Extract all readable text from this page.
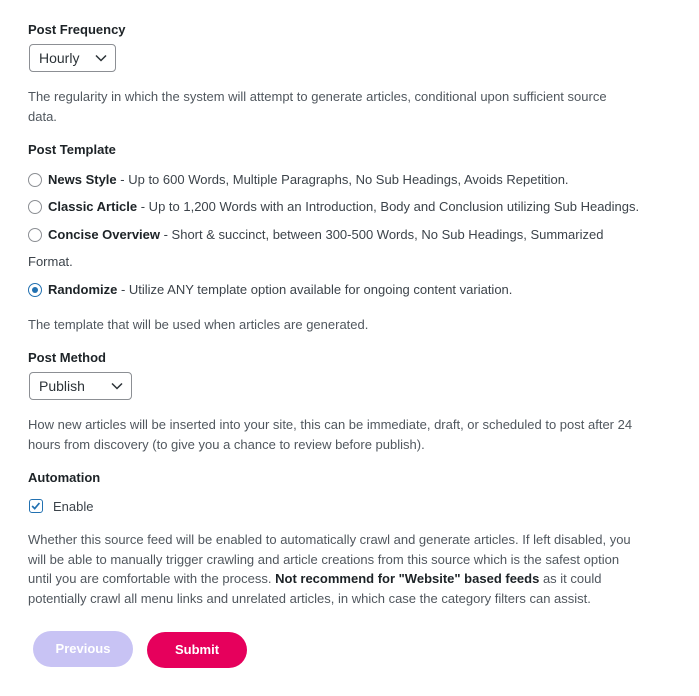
Post Frequency
Hourly
The regularity in which the system will attempt to generate articles, conditional upon sufficient source
data.
Post Template
News Style - Up to 600 Words, Multiple Paragraphs, No Sub Headings, Avoids Repetition.
Classic Article - Up to 1,200 Words with an Introduction, Body and Conclusion utilizing Sub Headings.
Concise Overview - Short & succinct, between 300-500 Words, No Sub Headings, Summarized
Format.
Randomize - Utilize ANY template option available for ongoing content variation.
The template that will be used when articles are generated.
Post Method
Publish
How new articles will be inserted into your site, this can be immediate, draft, or scheduled to post after 24
hours from discovery (to give you a chance to review before publish).
Automation
Enable
Whether this source feed will be enabled to automatically crawl and generate articles. If left disabled, you
will be able to manually trigger crawling and article creations from this source which is the safest option
until you are comfortable with the process. Not recommend for "Website" based feeds as it could
potentially crawl all menu links and unrelated articles, in which case the category filters can assist.
Previous	Submit
